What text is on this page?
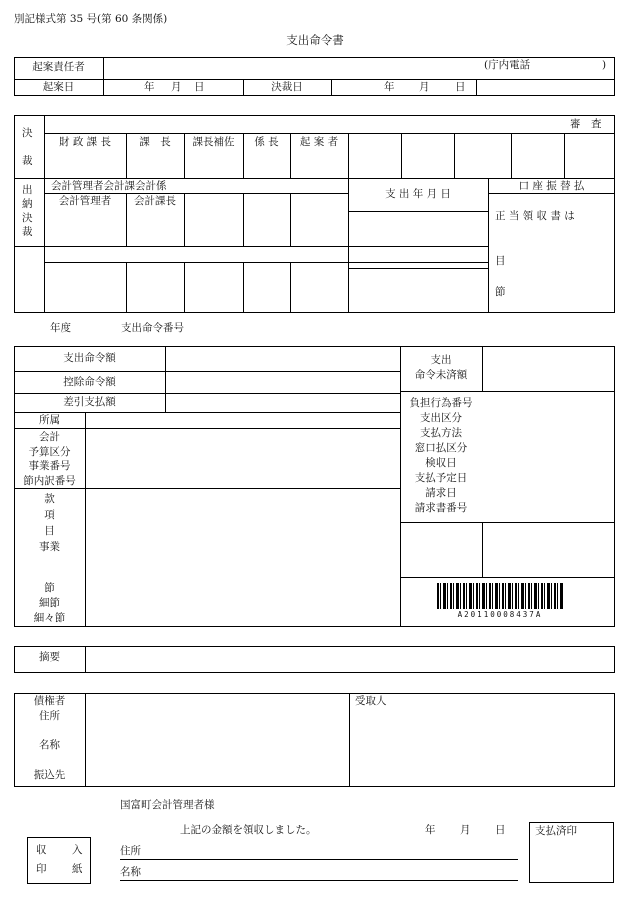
別記様式第 35 号(第 60 条関係)
支出命令書
起案責任者	(庁内電話	)
起案日	年 月 日	決裁日	年 月 日
決
裁
審　査
財 政 課 長	課　長	課長補佐	係 長	起 案 者
出
納
決
裁
会計管理者会計課会計係
会計管理者	会計課長
支 出 年 月 日
口 座 振 替 払
正 当 領 収 書 は
目
節
年度	支出命令番号
支出命令額
控除命令額
差引支払額
支出
命令未済額
所属
会計
予算区分
事業番号
節内訳番号
款
項
目
事業
節
細節
細々節
負担行為番号
支出区分
支払方法
窓口払区分
検収日
支払予定日
請求日
請求書番号
A20110008437A
摘要
債権者
住所
名称
振込先
受取人
国富町会計管理者様
上記の金額を領収しました。	年 月 日
収 入
印 紙
住所
名称
支払済印
